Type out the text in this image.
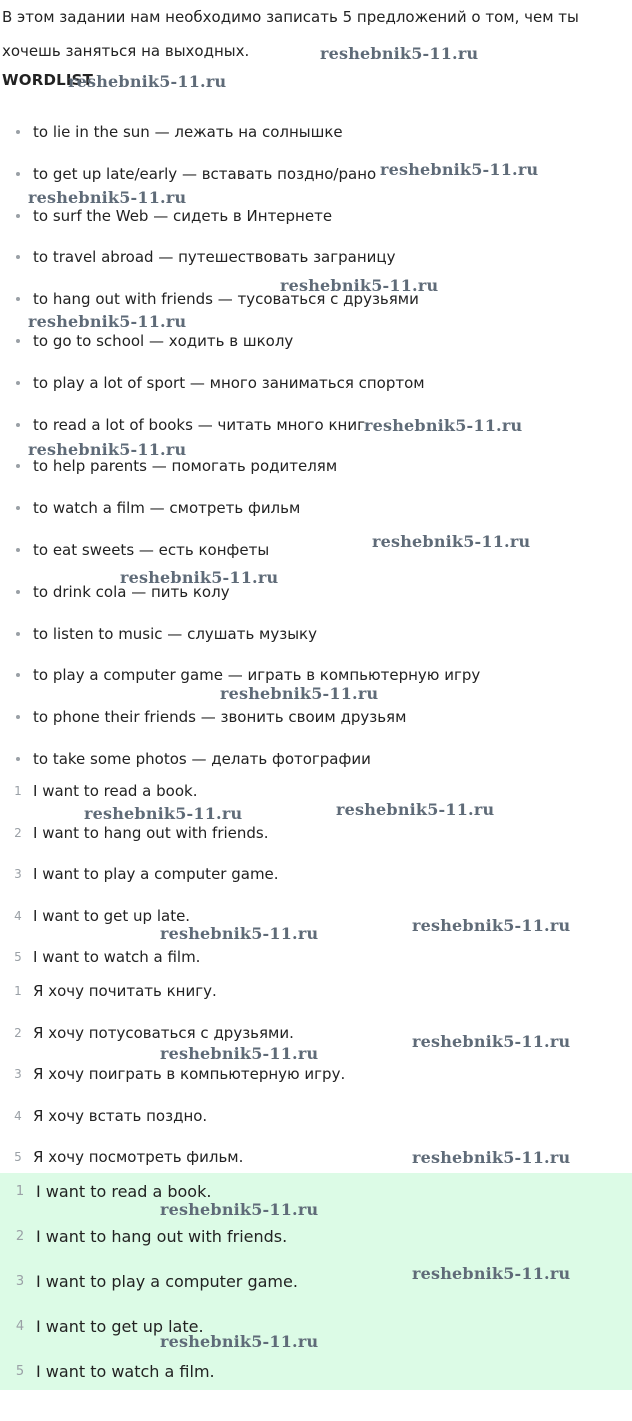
В этом задании нам необходимо записать 5 предложений о том, чем ты хочешь заняться на выходных.
WORDLIST
to lie in the sun — лежать на солнышке
to get up late/early — вставать поздно/рано
to surf the Web — сидеть в Интернете
to travel abroad — путешествовать заграницу
to hang out with friends — тусоваться с друзьями
to go to school — ходить в школу
to play a lot of sport — много заниматься спортом
to read a lot of books — читать много книг
to help parents — помогать родителям
to watch a film — смотреть фильм
to eat sweets — есть конфеты
to drink cola — пить колу
to listen to music — слушать музыку
to play a computer game — играть в компьютерную игру
to phone their friends — звонить своим друзьям
to take some photos — делать фотографии
1 I want to read a book.
2 I want to hang out with friends.
3 I want to play a computer game.
4 I want to get up late.
5 I want to watch a film.
1 Я хочу почитать книгу.
2 Я хочу потусоваться с друзьями.
3 Я хочу поиграть в компьютерную игру.
4 Я хочу встать поздно.
5 Я хочу посмотреть фильм.
1 I want to read a book.
2 I want to hang out with friends.
3 I want to play a computer game.
4 I want to get up late.
5 I want to watch a film.
reshebnik5-11.ru
reshebnik5-11.ru
reshebnik5-11.ru
reshebnik5-11.ru
reshebnik5-11.ru
reshebnik5-11.ru
reshebnik5-11.ru
reshebnik5-11.ru
reshebnik5-11.ru
reshebnik5-11.ru
reshebnik5-11.ru
reshebnik5-11.ru	reshebnik5-11.ru
reshebnik5-11.ru
reshebnik5-11.ru
reshebnik5-11.ru
reshebnik5-11.ru
reshebnik5-11.ru
reshebnik5-11.ru
reshebnik5-11.ru
reshebnik5-11.ru
